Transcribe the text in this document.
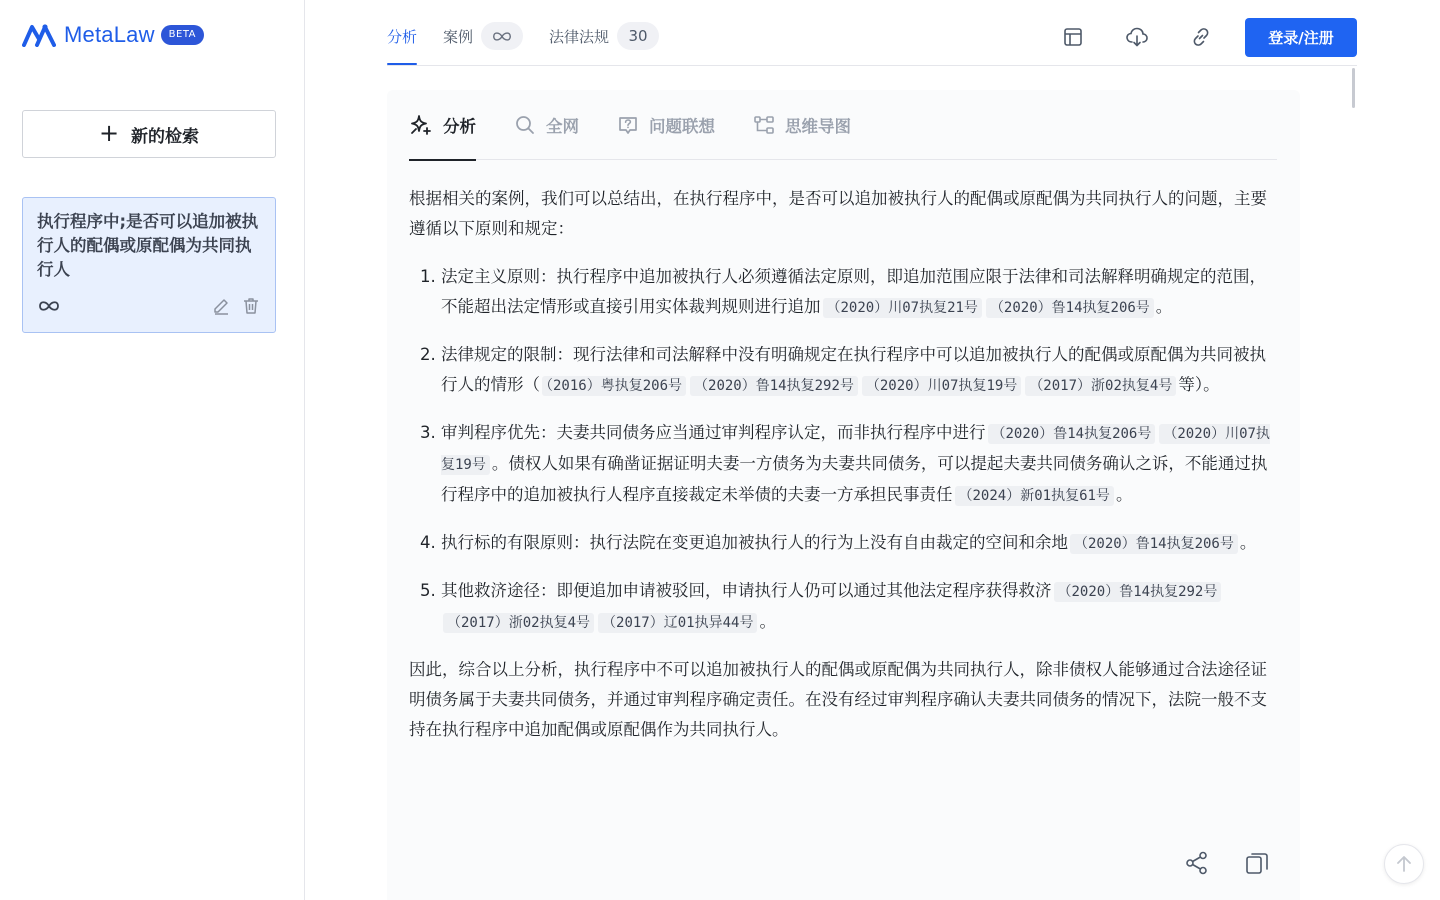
MetaLaw	BETA
+ 新的检索
执行程序中;是否可以追加被执行人的配偶或原配偶为共同执行人
分析 案例	法律法规	30	登录/注册
分析	全网	问题联想	思维导图

根据相关的案例，我们可以总结出，在执行程序中，是否可以追加被执行人的配偶或原配偶为共同执行人的问题，主要遵循以下原则和规定：

1. 法定主义原则：执行程序中追加被执行人必须遵循法定原则，即追加范围应限于法律和司法解释明确规定的范围，不能超出法定情形或直接引用实体裁判规则进行追加 （2020）川07执复21号 （2020）鲁14执复206号 。
2. 法律规定的限制：现行法律和司法解释中没有明确规定在执行程序中可以追加被执行人的配偶或原配偶为共同被执行人的情形（ （2016）粤执复206号 （2020）鲁14执复292号 （2020）川07执复19号 （2017）浙02执复4号 等）。
3. 审判程序优先：夫妻共同债务应当通过审判程序认定，而非执行程序中进行 （2020）鲁14执复206号 （2020）川07执复19号 。债权人如果有确凿证据证明夫妻一方债务为夫妻共同债务，可以提起夫妻共同债务确认之诉，不能通过执行程序中的追加被执行人程序直接裁定未举债的夫妻一方承担民事责任 （2024）新01执复61号 。
4. 执行标的有限原则：执行法院在变更追加被执行人的行为上没有自由裁定的空间和余地 （2020）鲁14执复206号 。
5. 其他救济途径：即便追加申请被驳回，申请执行人仍可以通过其他法定程序获得救济 （2020）鲁14执复292号（2017）浙02执复4号 （2017）辽01执异44号 。

因此，综合以上分析，执行程序中不可以追加被执行人的配偶或原配偶为共同执行人，除非债权人能够通过合法途径证明债务属于夫妻共同债务，并通过审判程序确定责任。在没有经过审判程序确认夫妻共同债务的情况下，法院一般不支持在执行程序中追加配偶或原配偶作为共同执行人。
